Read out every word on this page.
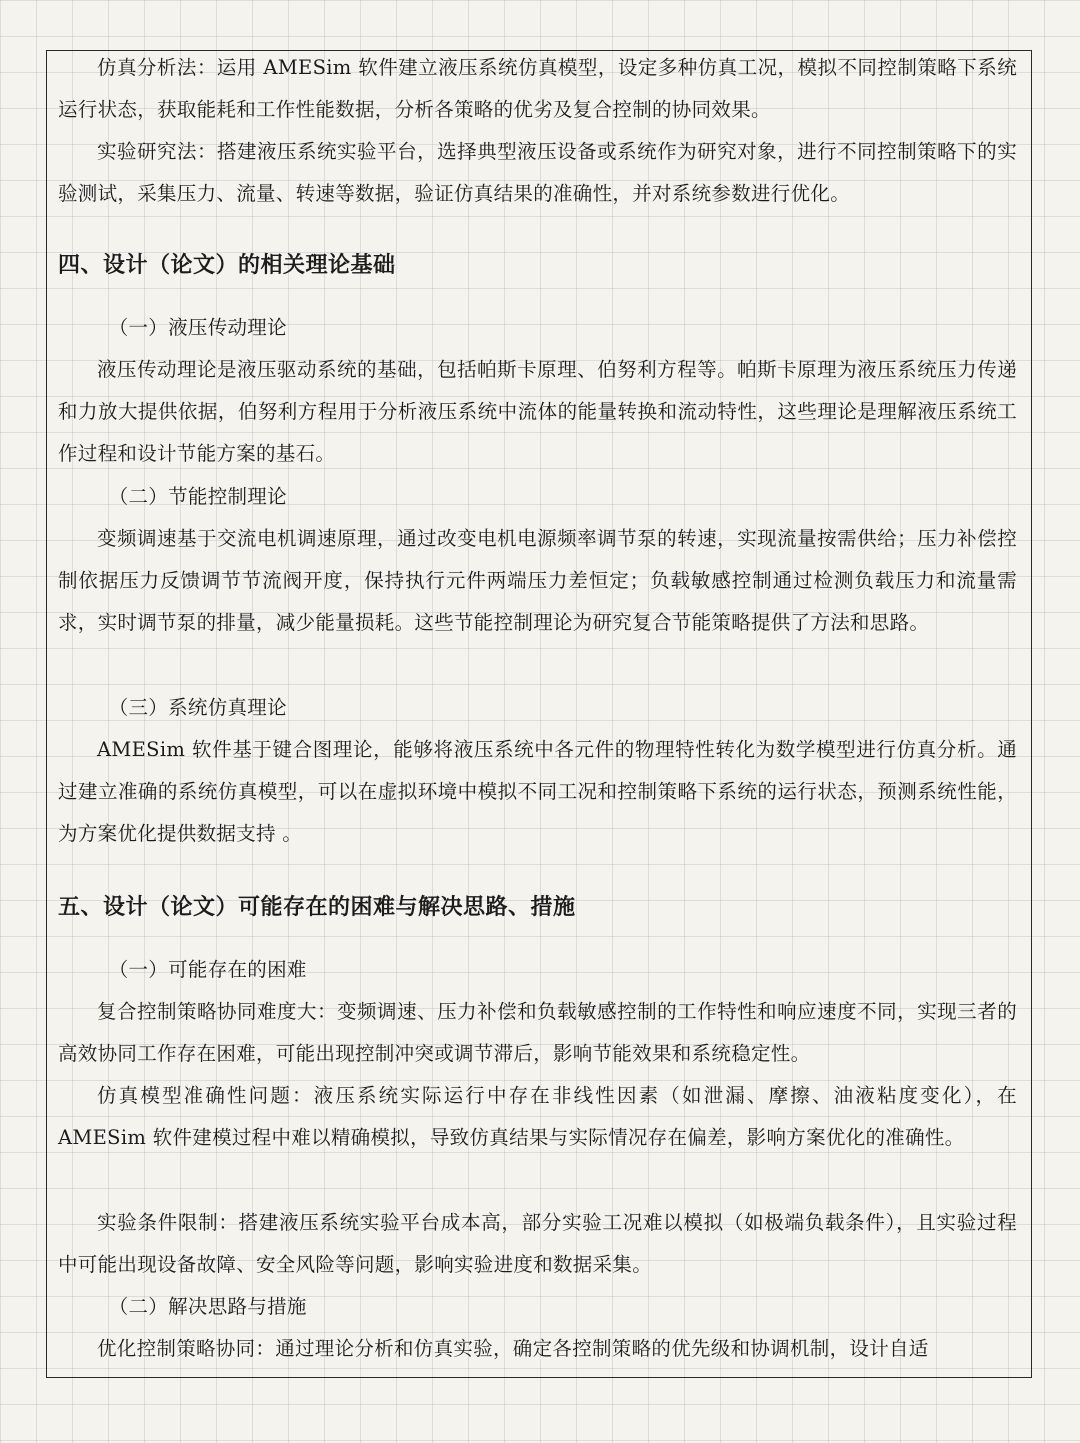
仿真分析法：运用 AMESim 软件建立液压系统仿真模型，设定多种仿真工况，模拟不同控制策略下系统运行状态，获取能耗和工作性能数据，分析各策略的优劣及复合控制的协同效果。

实验研究法：搭建液压系统实验平台，选择典型液压设备或系统作为研究对象，进行不同控制策略下的实验测试，采集压力、流量、转速等数据，验证仿真结果的准确性，并对系统参数进行优化。

四、设计（论文）的相关理论基础

（一）液压传动理论

液压传动理论是液压驱动系统的基础，包括帕斯卡原理、伯努利方程等。帕斯卡原理为液压系统压力传递和力放大提供依据，伯努利方程用于分析液压系统中流体的能量转换和流动特性，这些理论是理解液压系统工作过程和设计节能方案的基石。

（二）节能控制理论

变频调速基于交流电机调速原理，通过改变电机电源频率调节泵的转速，实现流量按需供给；压力补偿控制依据压力反馈调节节流阀开度，保持执行元件两端压力差恒定；负载敏感控制通过检测负载压力和流量需求，实时调节泵的排量，减少能量损耗。这些节能控制理论为研究复合节能策略提供了方法和思路。

（三）系统仿真理论

AMESim 软件基于键合图理论，能够将液压系统中各元件的物理特性转化为数学模型进行仿真分析。通过建立准确的系统仿真模型，可以在虚拟环境中模拟不同工况和控制策略下系统的运行状态，预测系统性能，为方案优化提供数据支持 。

五、设计（论文）可能存在的困难与解决思路、措施

（一）可能存在的困难

复合控制策略协同难度大：变频调速、压力补偿和负载敏感控制的工作特性和响应速度不同，实现三者的高效协同工作存在困难，可能出现控制冲突或调节滞后，影响节能效果和系统稳定性。

仿真模型准确性问题：液压系统实际运行中存在非线性因素（如泄漏、摩擦、油液粘度变化），在 AMESim 软件建模过程中难以精确模拟，导致仿真结果与实际情况存在偏差，影响方案优化的准确性。

实验条件限制：搭建液压系统实验平台成本高，部分实验工况难以模拟（如极端负载条件），且实验过程中可能出现设备故障、安全风险等问题，影响实验进度和数据采集。

（二）解决思路与措施

优化控制策略协同：通过理论分析和仿真实验，确定各控制策略的优先级和协调机制，设计自适
